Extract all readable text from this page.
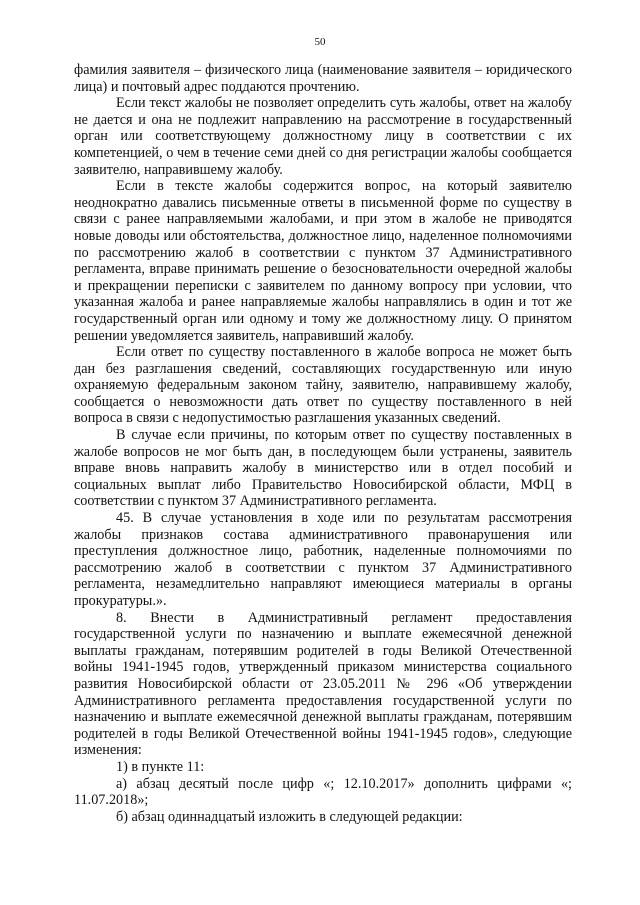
50

фамилия заявителя – физического лица (наименование заявителя – юридического лица) и почтовый адрес поддаются прочтению.

Если текст жалобы не позволяет определить суть жалобы, ответ на жалобу не дается и она не подлежит направлению на рассмотрение в государственный орган или соответствующему должностному лицу в соответствии с их компетенцией, о чем в течение семи дней со дня регистрации жалобы сообщается заявителю, направившему жалобу.

Если в тексте жалобы содержится вопрос, на который заявителю неоднократно давались письменные ответы в письменной форме по существу в связи с ранее направляемыми жалобами, и при этом в жалобе не приводятся новые доводы или обстоятельства, должностное лицо, наделенное полномочиями по рассмотрению жалоб в соответствии с пунктом 37 Административного регламента, вправе принимать решение о безосновательности очередной жалобы и прекращении переписки с заявителем по данному вопросу при условии, что указанная жалоба и ранее направляемые жалобы направлялись в один и тот же государственный орган или одному и тому же должностному лицу. О принятом решении уведомляется заявитель, направивший жалобу.

Если ответ по существу поставленного в жалобе вопроса не может быть дан без разглашения сведений, составляющих государственную или иную охраняемую федеральным законом тайну, заявителю, направившему жалобу, сообщается о невозможности дать ответ по существу поставленного в ней вопроса в связи с недопустимостью разглашения указанных сведений.

В случае если причины, по которым ответ по существу поставленных в жалобе вопросов не мог быть дан, в последующем были устранены, заявитель вправе вновь направить жалобу в министерство или в отдел пособий и социальных выплат либо Правительство Новосибирской области, МФЦ в соответствии с пунктом 37 Административного регламента.

45. В случае установления в ходе или по результатам рассмотрения жалобы признаков состава административного правонарушения или преступления должностное лицо, работник, наделенные полномочиями по рассмотрению жалоб в соответствии с пунктом 37 Административного регламента, незамедлительно направляют имеющиеся материалы в органы прокуратуры.».

8. Внести в Административный регламент предоставления государственной услуги по назначению и выплате ежемесячной денежной выплаты гражданам, потерявшим родителей в годы Великой Отечественной войны 1941-1945 годов, утвержденный приказом министерства социального развития Новосибирской области от 23.05.2011 № 296 «Об утверждении Административного регламента предоставления государственной услуги по назначению и выплате ежемесячной денежной выплаты гражданам, потерявшим родителей в годы Великой Отечественной войны 1941-1945 годов», следующие изменения:

1) в пункте 11:

а) абзац десятый после цифр «; 12.10.2017» дополнить цифрами «; 11.07.2018»;

б) абзац одиннадцатый изложить в следующей редакции:
